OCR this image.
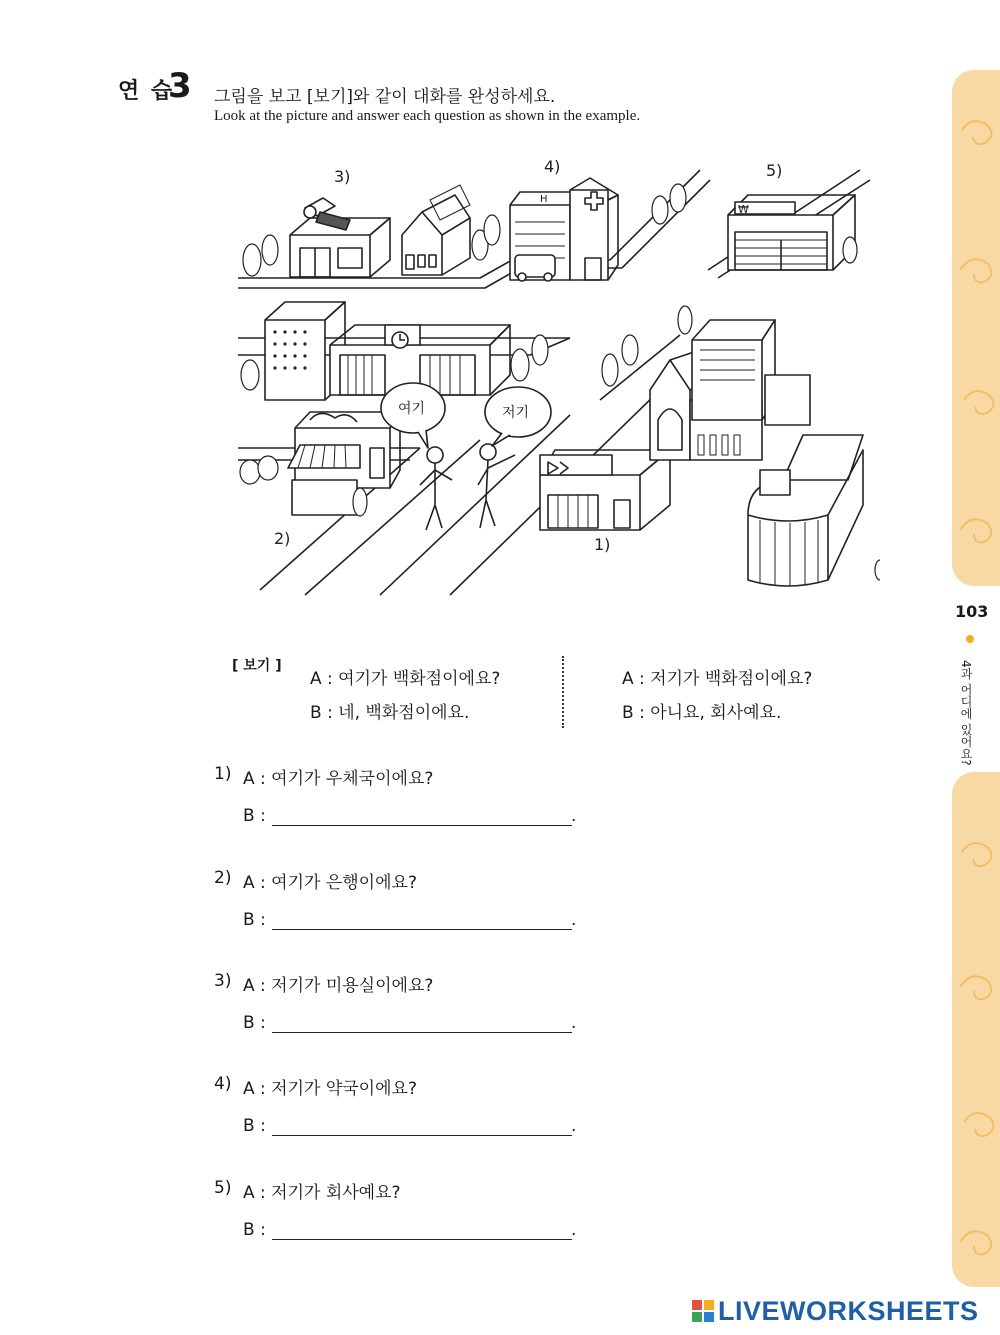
연 습
3 그림을 보고 [보기]와 같이 대화를 완성하세요.
Look at the picture and answer each question as shown in the example.
H
₩
3)
4)	5)
2)	1)
여기	저기
[ 보기 ]
A : 여기가 백화점이에요?
B : 네, 백화점이에요.
A : 저기가 백화점이에요?
B : 아니요, 회사예요.
1) A : 여기가 우체국이에요?
B :	.
2) A : 여기가 은행이에요?
B :	.
3) A : 저기가 미용실이에요?
B :	.
4) A : 저기가 약국이에요?
B :	.
5) A : 저기가 회사예요?
B :	.
103
4과 어디에 있어요?
LIVEWORKSHEETS
